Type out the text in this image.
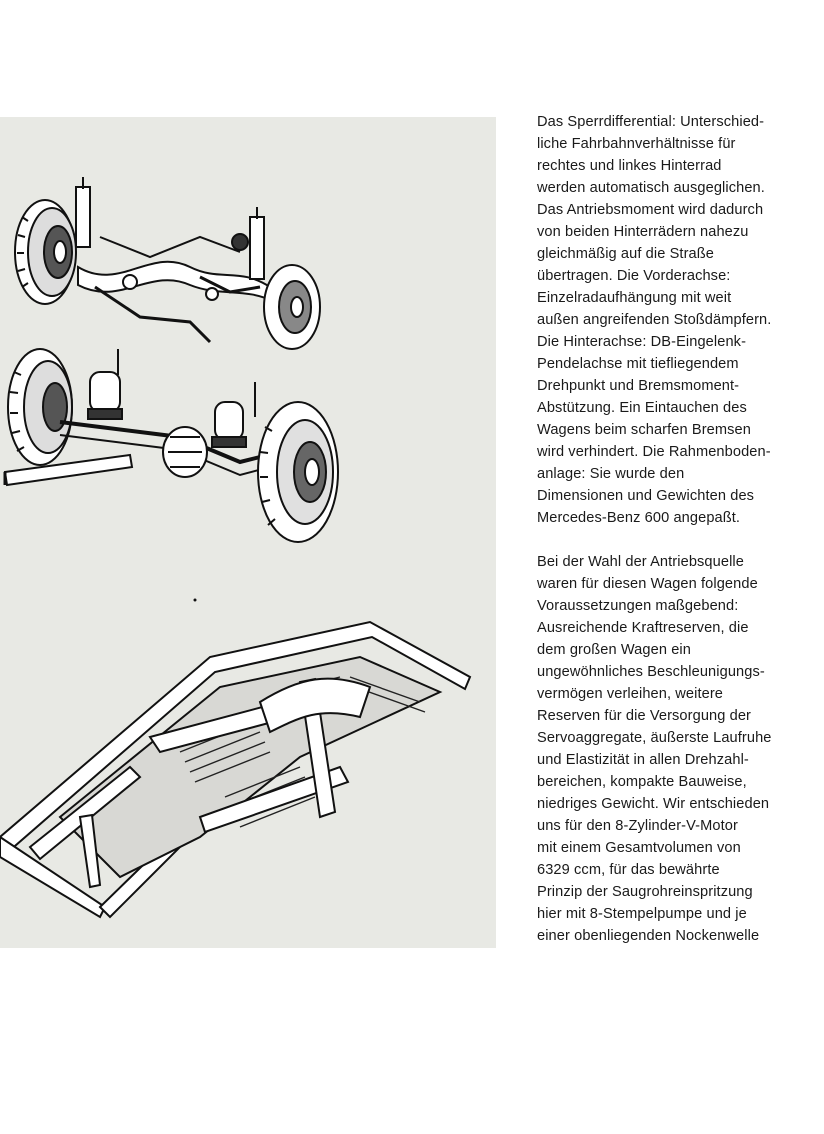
Das Sperrdifferential: Unterschied-
liche Fahrbahnverhältnisse für
rechtes und linkes Hinterrad
werden automatisch ausgeglichen.
Das Antriebsmoment wird dadurch
von beiden Hinterrädern nahezu
gleichmäßig auf die Straße
übertragen. Die Vorderachse:
Einzelradaufhängung mit weit
außen angreifenden Stoßdämpfern.
Die Hinterachse: DB-Eingelenk-
Pendelachse mit tiefliegendem
Drehpunkt und Bremsmoment-
Abstützung. Ein Eintauchen des
Wagens beim scharfen Bremsen
wird verhindert. Die Rahmenboden-
anlage: Sie wurde den
Dimensionen und Gewichten des
Mercedes-Benz 600 angepaßt.
Bei der Wahl der Antriebsquelle
waren für diesen Wagen folgende
Voraussetzungen maßgebend:
Ausreichende Kraftreserven, die
dem großen Wagen ein
ungewöhnliches Beschleunigungs-
vermögen verleihen, weitere
Reserven für die Versorgung der
Servoaggregate, äußerste Laufruhe
und Elastizität in allen Drehzahl-
bereichen, kompakte Bauweise,
niedriges Gewicht. Wir entschieden
uns für den 8-Zylinder-V-Motor
mit einem Gesamtvolumen von
6329 ccm, für das bewährte
Prinzip der Saugrohreinspritzung
hier mit 8-Stempelpumpe und je
einer obenliegenden Nockenwelle
